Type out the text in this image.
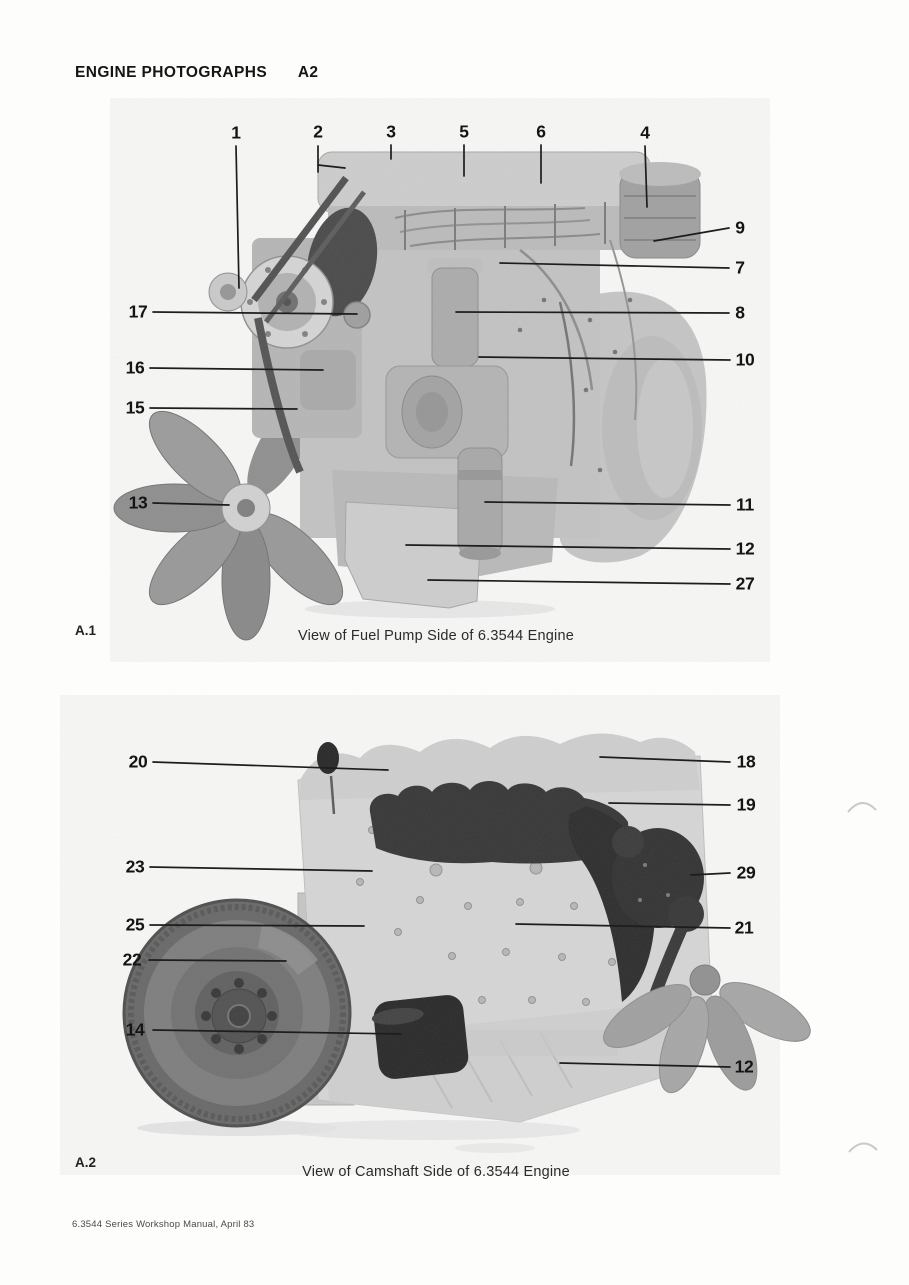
ENGINE PHOTOGRAPHS A2
1	2	3	5	6	4
9
7
8
10
11
12
27
17
16
15
13
20
23
25
22
14
18
19
29
21
12
A.1	View of Fuel Pump Side of 6.3544 Engine
A.2
View of Camshaft Side of 6.3544 Engine
6.3544 Series Workshop Manual, April 83
